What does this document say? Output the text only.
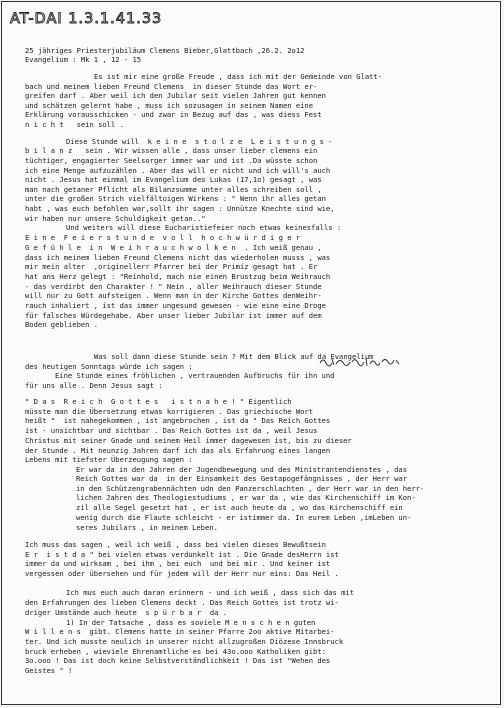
AT-DAI 1.3.1.41.33

25 jähriges Priesterjubiläum Clemens Bieber,Glattbach ,26.2. 2o12

Evangelium : Mk 1 , 12 - 15

Es ist mir eine große Freude , dass ich mit der Gemeinde von Glatt-

bach und meinem lieben Freund Clemens  in dieser Stunde das Wort er-

greifen darf . Aber weil ich den Jubilar seit vielen Jahren gut kennen

und schätzen gelernt habe , muss ich sozusagen in seinem Namen eine

Erklärung vorausschicken - und zwar in Bezug auf das , was diess Fest

n i c h t   sein soll .

Diese Stunde will  k e i n e  s t o l z e  L e i s t u n g s -

b i l a n z   sein . Wir wissen alle , dass unser lieber clemens ein

tüchtiger, engagierter Seelsorger immer war und ist .Da wüsste schon

ich eine Menge aufzuzählen . Aber das will er nicht und ich will's auch

nicht . Jesus hat einmal im Evangelium des Lukas (17,1o) gesagt , was

man nach getaner Pflicht als Bilanzsumme unter alles schreiben soll ,

unter die großen Strich vielfältoigen Wirkens : " Wenn ihr alles getan

habt , was euch befohlen war,sollt ihr sagen : Unnütze Knechte sind wie,

wir haben nur unsere Schuldigkeit getan.."

Und weiters will diese Eucharistiefeier noch etwas keinesfalls :

E i n e  F e i e r s t u n d e  v o l l  h o c h w ü r d i g e r

G e f ü h l e  i n  W e i h r a u c h w o l k e n  . Ich weiß genau ,

dass ich meinem lieben Freund Clemens nicht das wiederholen musss , was

mir mein alter  ,originellerr Pfarrer bei der Primiz gesagt hat . Er

hat ans Herz gelegt : "Reinhold, mach nie einen Brustzug beim Weihrauch

- das verdirbt den Charakter ! " Nein , aller Weihrauch dieser Stunde

will nur zu Gott aufsteigen . Wenn man in der Kirche Gottes denWeihr-

rauch inhaliert , ist das immer ungesund gewesen - wie eine eine Droge

für falsches Würdegehabe. Aber unser lieber Jubilar ist immer auf dem

Boden geblieben .

Was soll dann diese Stunde sein ? Mit dem Blick auf da Evangelium

des heutigen Sonntags würde ich sagen :

Eine Stunde eines fröhlichen , vertrauenden Aufbruchs für ihn und

für uns alle . Denn Jesus sagt :

" D a s  R e i c h  G o t t e s   i s t n a h e ! " Eigentlich

müsste man die Übersetzung etwas korrigieren . Das griechische Wort

heißt "  ist nahegekommen , ist angebrochen , ist da " Das Reich Gottes

ist - unsichtbar und sichtbar . Das Reich Gottes ist da , weil Jesus

Christus mit seiner Gnade und seinem Heil immer dagewesen ist, bis zu dieser

der Stunde . Mit neunzig Jahren darf ich das als Erfahrung eines langen

Lebens mit tiefster Überzeugung sagen :

Er war da in den Jahren der Jugendbewegung und des Ministrantendienstes , das

Reich Gottes war da  in der Einsamkeit des Gestapogefängnisses , der Herr war

in den Schützengrabennächten udn den Panzerschlachten , der Herr war in den herr-

lichen Jahren des Theologiestudiums , er war da , wie das Kirchenschiff im Kon-

zil alle Segel gesetzt hat , er ist auch heute da , wo das Kirchenschiff ein

wenig durch die Flaute schleicht - er istimmer da. In eurem Leben ,imLeben un-

seres Jubilars , in meinem Leben.

Ich muss das sagen , weil ich weiß , dass bei vielen dieses Bewußtsein

E r  i s t d a " bei vielen etwas verdunkelt ist . Die Gnade desHerrn ist

immer da und wirksam , bei ihm , bei euch  und bei mir . Und keiner ist

vergessen oder übersehen und für jedem will der Herr nur eins: Das Heil .

Ich mus euch auch daran erinnern - und ich weiß , dass sich das mit

den Erfahrungen des lieben Clemens deckt . Das Reich Gottes ist trotz wi-

driger Umstände auch heute  s p ü r b a r  da .

1) In der Tatsache , dass es soviele M e n s c h e n guten

W i l l e n s  gibt. Clemens hatte in seiner Pfarre 2oo aktive Mitarbei-

ter. Und ich musste neulich in unserer nicht allzugroßen Diözese Innsbruck

bruck erheben , wieviele Ehrenamtliche es bei 43o.ooo Katholiken gibt:

3o.ooo ! Das ist doch keine Selbstverständlichkeit ! Das ist "Wehen des

Geistes " !
